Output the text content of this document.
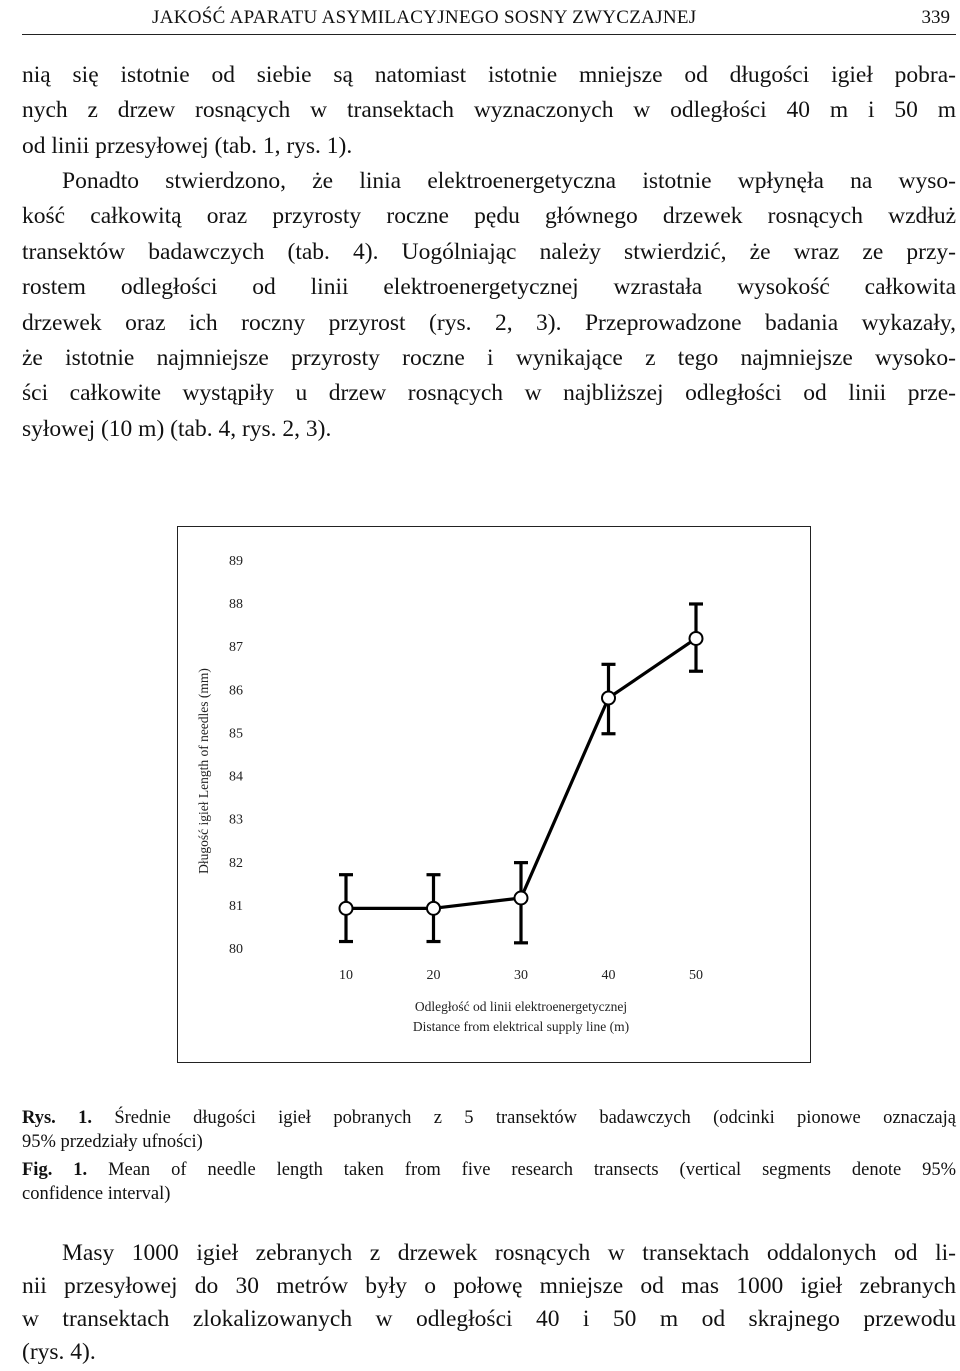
JAKOŚĆ APARATU ASYMILACYJNEGO SOSNY ZWYCZAJNEJ	339
nią się istotnie od siebie są natomiast istotnie mniejsze od długości igieł pobra-
nych z drzew rosnących w transektach wyznaczonych w odległości 40 m i 50 m
od linii przesyłowej (tab. 1, rys. 1).
Ponadto stwierdzono, że linia elektroenergetyczna istotnie wpłynęła na wyso-
kość całkowitą oraz przyrosty roczne pędu głównego drzewek rosnących wzdłuż
transektów badawczych (tab. 4). Uogólniając należy stwierdzić, że wraz ze przy-
rostem odległości od linii elektroenergetycznej wzrastała wysokość całkowita
drzewek oraz ich roczny przyrost (rys. 2, 3). Przeprowadzone badania wykazały,
że istotnie najmniejsze przyrosty roczne i wynikające z tego najmniejsze wysoko-
ści całkowite wystąpiły u drzew rosnących w najbliższej odległości od linii prze-
syłowej (10 m) (tab. 4, rys. 2, 3).
80
81
82
83
84
85
86
87
88
89
10	20	30	40	50
Odległość od linii elektroenergetycznej
Distance from elektrical supply line (m)
Długość igieł Length of needles (mm)
Rys. 1. Średnie długości igieł pobranych z 5 transektów badawczych (odcinki pionowe oznaczają
95% przedziały ufności)
Fig. 1. Mean of needle length taken from five research transects (vertical segments denote 95%
confidence interval)
Masy 1000 igieł zebranych z drzewek rosnących w transektach oddalonych od li-
nii przesyłowej do 30 metrów były o połowę mniejsze od mas 1000 igieł zebranych
w transektach zlokalizowanych w odległości 40 i 50 m od skrajnego przewodu
(rys. 4).
